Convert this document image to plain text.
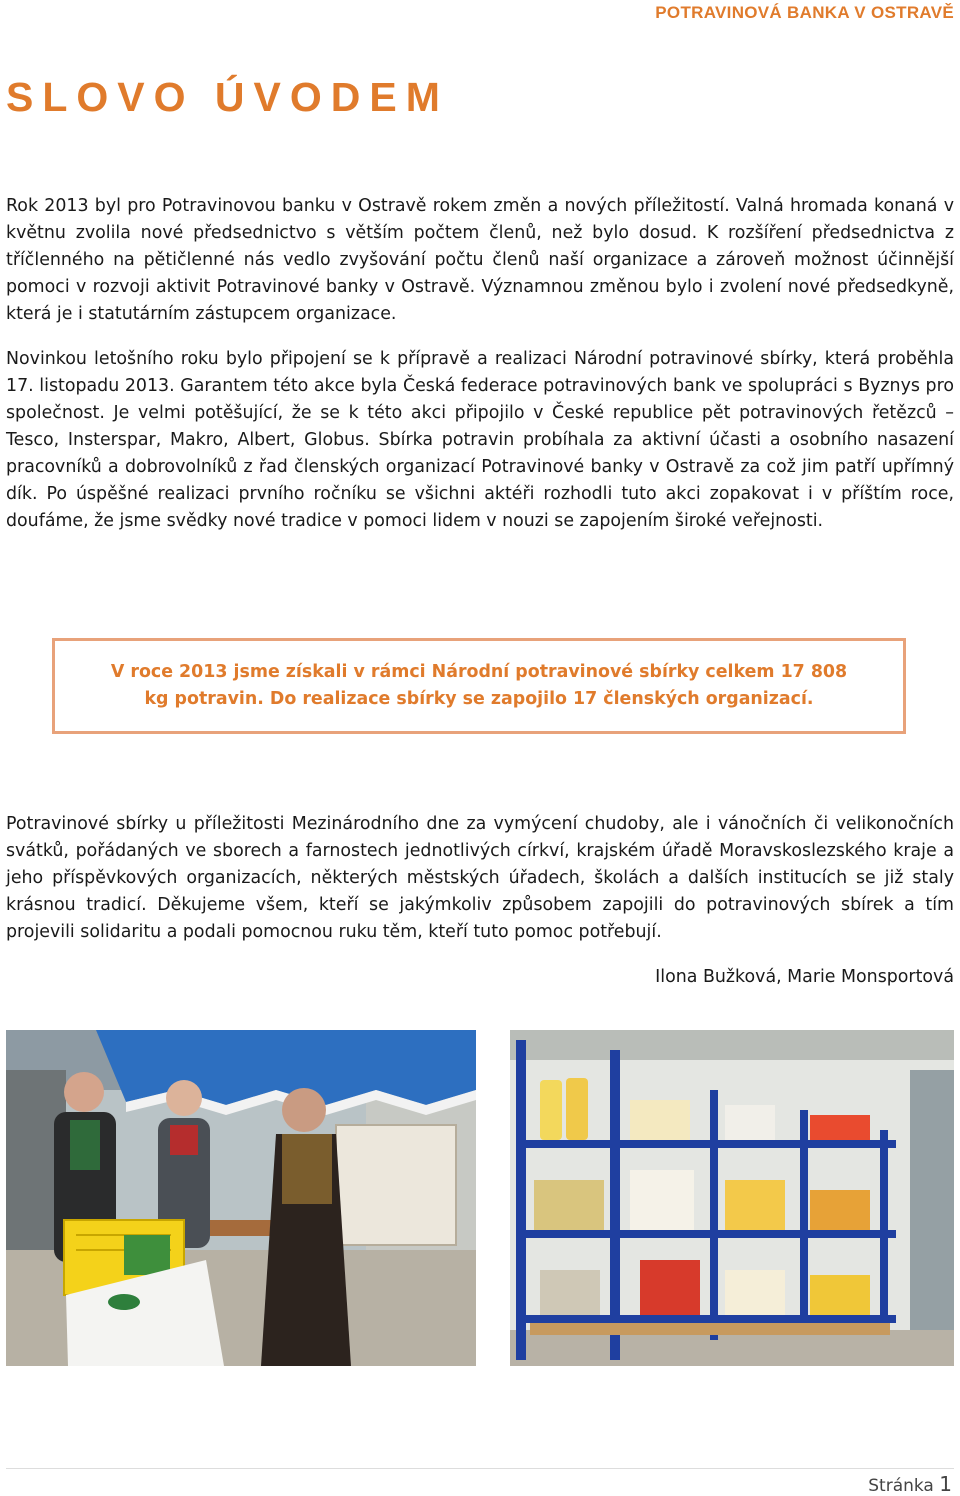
POTRAVINOVÁ BANKA V OSTRAVĚ
SLOVO ÚVODEM

Rok 2013 byl pro Potravinovou banku v Ostravě rokem změn a nových příležitostí. Valná hromada konaná v květnu zvolila nové předsednictvo s větším počtem členů, než bylo dosud. K rozšíření předsednictva z tříčlenného na pětičlenné nás vedlo zvyšování počtu členů naší organizace a zároveň možnost účinnější pomoci v rozvoji aktivit Potravinové banky v Ostravě. Významnou změnou bylo i zvolení nové předsedkyně, která je i statutárním zástupcem organizace.

Novinkou letošního roku bylo připojení se k přípravě a realizaci Národní potravinové sbírky, která proběhla 17. listopadu 2013. Garantem této akce byla Česká federace potravinových bank ve spolupráci s Byznys pro společnost. Je velmi potěšující, že se k této akci připojilo v České republice pět potravinových řetězců – Tesco, Insterspar, Makro, Albert, Globus. Sbírka potravin probíhala za aktivní účasti a osobního nasazení pracovníků a dobrovolníků z řad členských organizací Potravinové banky v Ostravě za což jim patří upřímný dík. Po úspěšné realizaci prvního ročníku se všichni aktéři rozhodli tuto akci zopakovat i v příštím roce, doufáme, že jsme svědky nové tradice v pomoci lidem v nouzi se zapojením široké veřejnosti.

V roce 2013 jsme získali v rámci Národní potravinové sbírky celkem 17 808 kg potravin. Do realizace sbírky se zapojilo 17 členských organizací.

Potravinové sbírky u příležitosti Mezinárodního dne za vymýcení chudoby, ale i vánočních či velikonočních svátků, pořádaných ve sborech a farnostech jednotlivých církví, krajském úřadě Moravskoslezského kraje a jeho příspěvkových organizacích, některých městských úřadech, školách a dalších institucích se již staly krásnou tradicí. Děkujeme všem, kteří se jakýmkoliv způsobem zapojili do potravinových sbírek a tím projevili solidaritu a podali pomocnou ruku těm, kteří tuto pomoc potřebují.

Ilona Bužková, Marie Monsportová

Stránka 1
